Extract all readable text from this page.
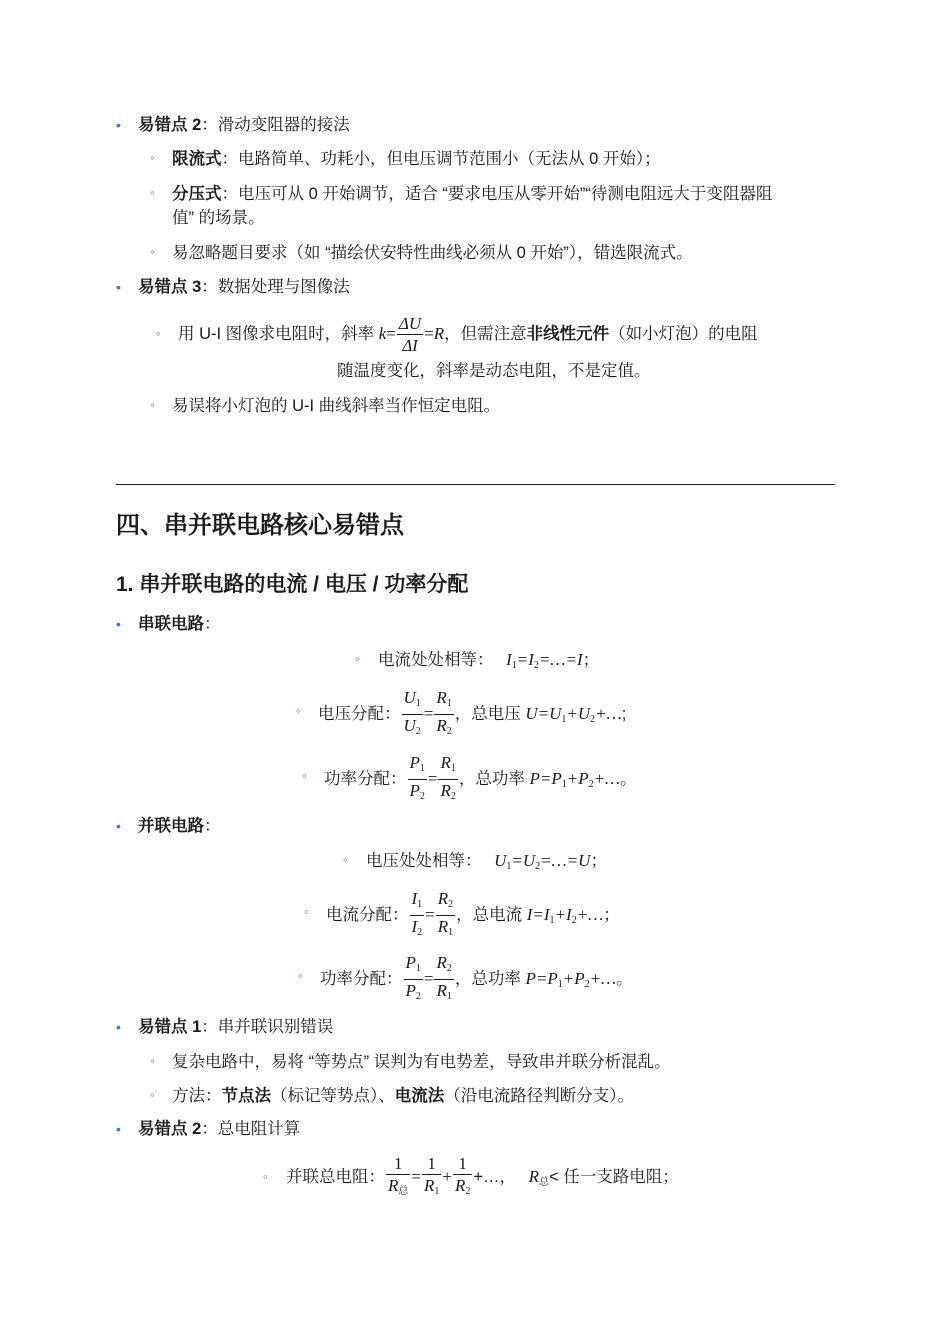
• 易错点 2：滑动变阻器的接法
◦ 限流式：电路简单、功耗小，但电压调节范围小（无法从 0 开始）；
◦ 分压式：电压可从 0 开始调节，适合 “要求电压从零开始”“待测电阻远大于变阻器阻
值” 的场景。
◦ 易忽略题目要求（如 “描绘伏安特性曲线必须从 0 开始”），错选限流式。
• 易错点 3：数据处理与图像法
◦ 用 U-I 图像求电阻时，斜率 $k= \frac{\Delta U}{\Delta I} =R$，但需注意非线性元件（如小灯泡）的电阻
随温度变化，斜率是动态电阻，不是定值。
◦ 易误将小灯泡的 U-I 曲线斜率当作恒定电阻。
四、串并联电路核心易错点
1. 串并联电路的电流 / 电压 / 功率分配
• 串联电路：
◦ 电流处处相等： $I_1=I_2=\dots=I$；
◦ 电压分配： $\frac{U_1}{U_2} = \frac{R_1}{R_2}$ ，总电压 $U=U_1+U_2+\dots$;
◦ 功率分配： $\frac{P_1}{P_2} = \frac{R_1}{R_2}$ ，总功率 $P=P_1+P_2+\dots$。
• 并联电路：
◦ 电压处处相等： $U_1=U_2=\dots=U$；
◦ 电流分配： $\frac{I_1}{I_2} = \frac{R_2}{R_1}$ ，总电流 $I=I_1+I_2+\dots$；
◦ 功率分配： $\frac{P_1}{P_2} = \frac{R_2}{R_1}$ ，总功率 $P=P_1+P_2+\dots$。
• 易错点 1：串并联识别错误
◦ 复杂电路中，易将 “等势点” 误判为有电势差，导致串并联分析混乱。
◦ 方法：节点法（标记等势点）、电流法（沿电流路径判断分支）。
• 易错点 2：总电阻计算
◦ 并联总电阻： $\frac{1}{R_总} = \frac{1}{R_1} + \frac{1}{R_2}$ +…， $R_总<$ 任一支路电阻；
